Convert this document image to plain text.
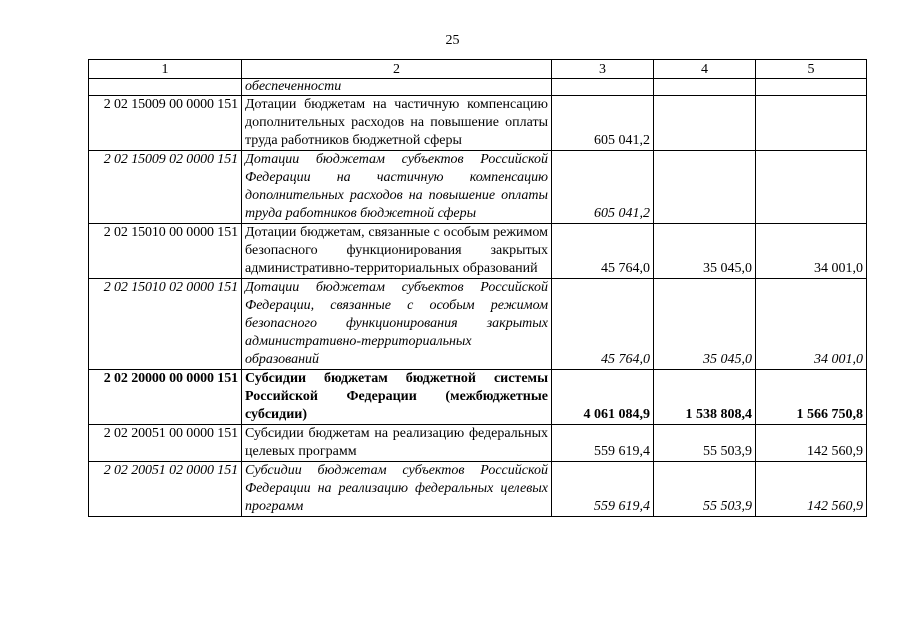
25
1	2	3	4	5
	обеспеченности			
2 02 15009 00 0000 151	Дотации бюджетам на частичную компенсацию дополнительных расходов на повышение оплаты труда работников бюджетной сферы	605 041,2		
2 02 15009 02 0000 151	Дотации бюджетам субъектов Российской Федерации на частичную компенсацию дополнительных расходов на повышение оплаты труда работников бюджетной сферы	605 041,2		
2 02 15010 00 0000 151	Дотации бюджетам, связанные с особым режимом безопасного функционирования закрытых административно-территориальных образований	45 764,0	35 045,0	34 001,0
2 02 15010 02 0000 151	Дотации бюджетам субъектов Российской Федерации, связанные с особым режимом безопасного функционирования закрытых административно-территориальных образований	45 764,0	35 045,0	34 001,0
2 02 20000 00 0000 151	Субсидии бюджетам бюджетной системы Российской Федерации (межбюджетные субсидии)	4 061 084,9	1 538 808,4	1 566 750,8
2 02 20051 00 0000 151	Субсидии бюджетам на реализацию федеральных целевых программ	559 619,4	55 503,9	142 560,9
2 02 20051 02 0000 151	Субсидии бюджетам субъектов Российской Федерации на реализацию федеральных целевых программ	559 619,4	55 503,9	142 560,9
